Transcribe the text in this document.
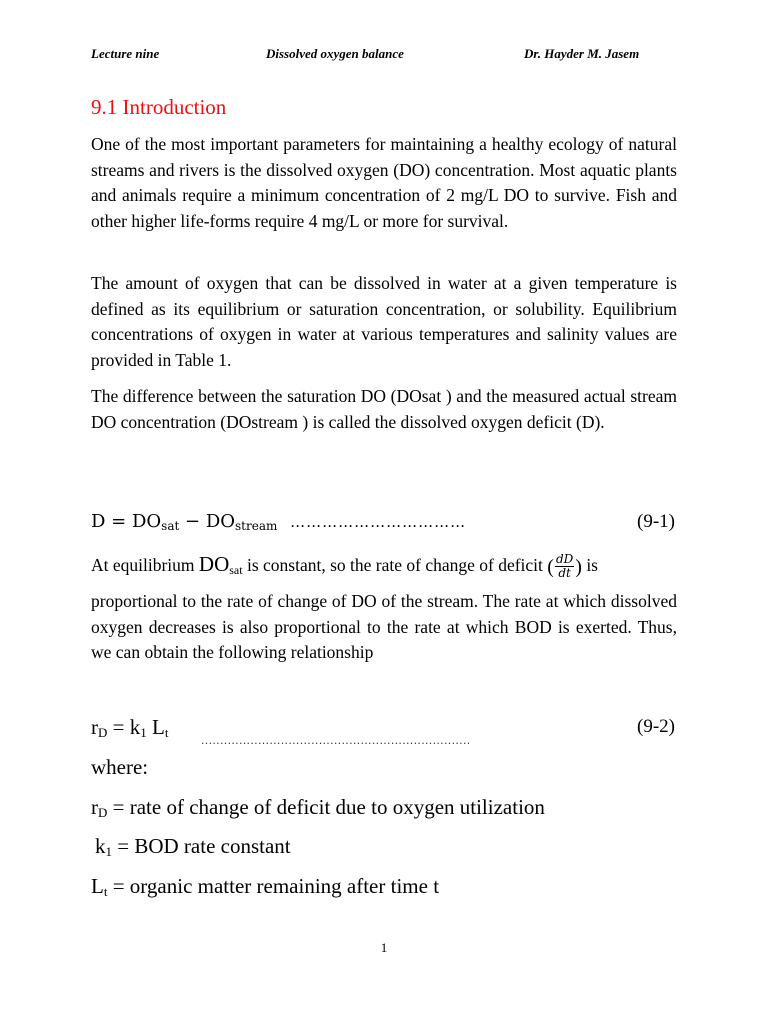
Lecture nine	Dissolved oxygen balance	Dr. Hayder M. Jasem
9.1 Introduction

One of the most important parameters for maintaining a healthy ecology of natural streams and rivers is the dissolved oxygen (DO) concentration. Most aquatic plants and animals require a minimum concentration of 2 mg/L DO to survive. Fish and other higher life-forms require 4 mg/L or more for survival.

The amount of oxygen that can be dissolved in water at a given temperature is defined as its equilibrium or saturation concentration, or solubility. Equilibrium concentrations of oxygen in water at various temperatures and salinity values are provided in Table 1.

The difference between the saturation DO (DOsat ) and the measured actual stream DO concentration (DOstream ) is called the dissolved oxygen deficit (D).

$D = DO_{sat} - DO_{stream}$ ……………………………	(9-1)
At equilibrium $DO_{sat}$ is constant, so the rate of change of deficit ( $\frac{dD}{dt}$ ) is

proportional to the rate of change of DO of the stream. The rate at which dissolved oxygen decreases is also proportional to the rate at which BOD is exerted. Thus, we can obtain the following relationship

$r_D = k_1$ $L_t$
.......................................................................
(9-2)
where:
$r_D$ = rate of change of deficit due to oxygen utilization
$k_1$ = BOD rate constant
$L_t$ = organic matter remaining after time t
1
